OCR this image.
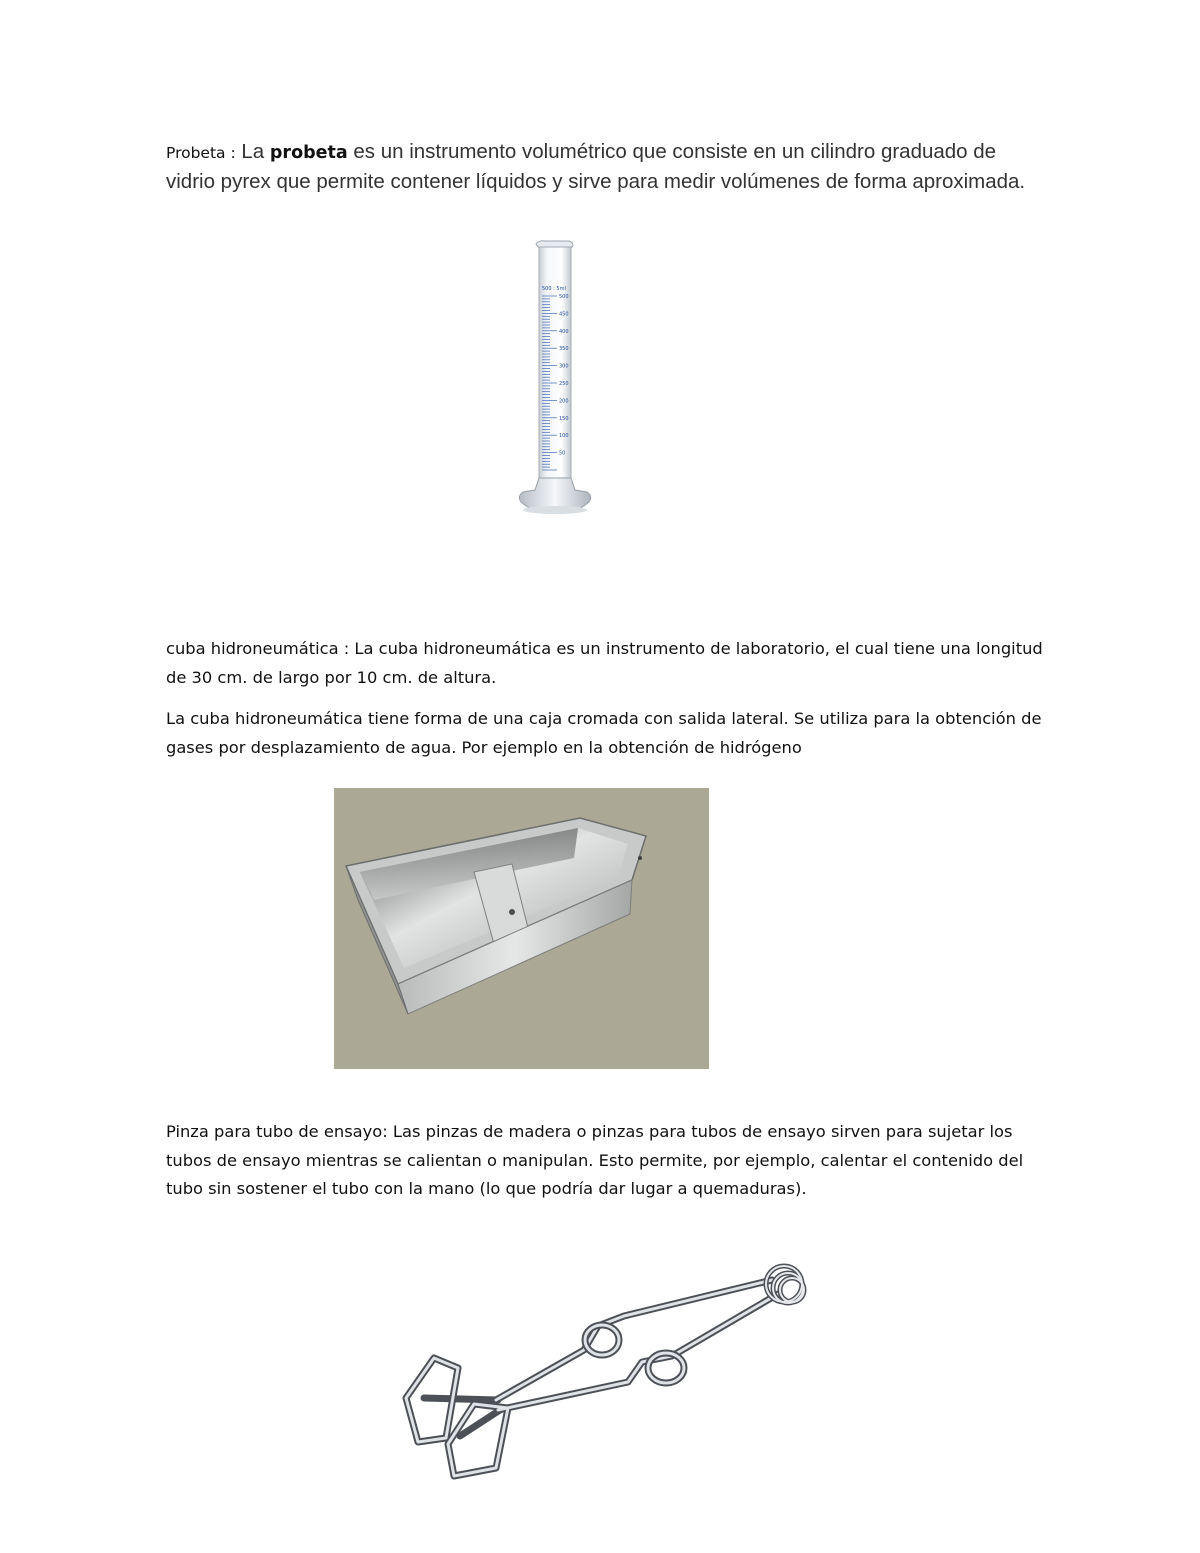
Probeta : La probeta es un instrumento volumétrico que consiste en un cilindro graduado de vidrio pyrex que permite contener líquidos y sirve para medir volúmenes de forma aproximada.

500 : 5ml
500
450
400
350
300
250
200
150
100
50

cuba hidroneumática : La cuba hidroneumática es un instrumento de laboratorio, el cual tiene una longitud de 30 cm. de largo por 10 cm. de altura.

La cuba hidroneumática tiene forma de una caja cromada con salida lateral. Se utiliza para la obtención de gases por desplazamiento de agua. Por ejemplo en la obtención de hidrógeno

Pinza para tubo de ensayo: Las pinzas de madera o pinzas para tubos de ensayo sirven para sujetar los tubos de ensayo mientras se calientan o manipulan. Esto permite, por ejemplo, calentar el contenido del tubo sin sostener el tubo con la mano (lo que podría dar lugar a quemaduras).
